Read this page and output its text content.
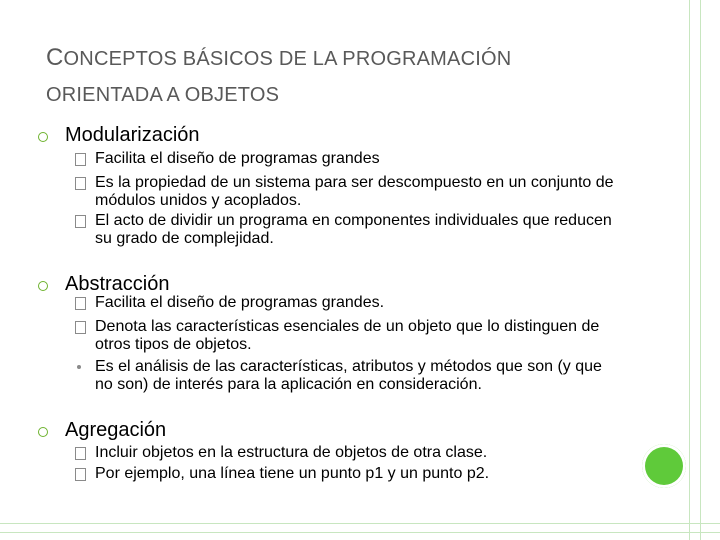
CONCEPTOS BÁSICOS DE LA PROGRAMACIÓN
ORIENTADA A OBJETOS
Modularización
Facilita el diseño de programas grandes
Es la propiedad de un sistema para ser descompuesto en un conjunto de módulos unidos y acoplados.
El acto de dividir un programa en componentes individuales que reducen su grado de complejidad.
Abstracción
Facilita el diseño de programas grandes.
Denota las características esenciales de un objeto que lo distinguen de otros tipos de objetos.
Es el análisis de las características, atributos y métodos que son (y que no son) de interés para la aplicación en consideración.
Agregación
Incluir objetos en la estructura de objetos de otra clase.
Por ejemplo, una línea tiene un punto p1 y un punto p2.
